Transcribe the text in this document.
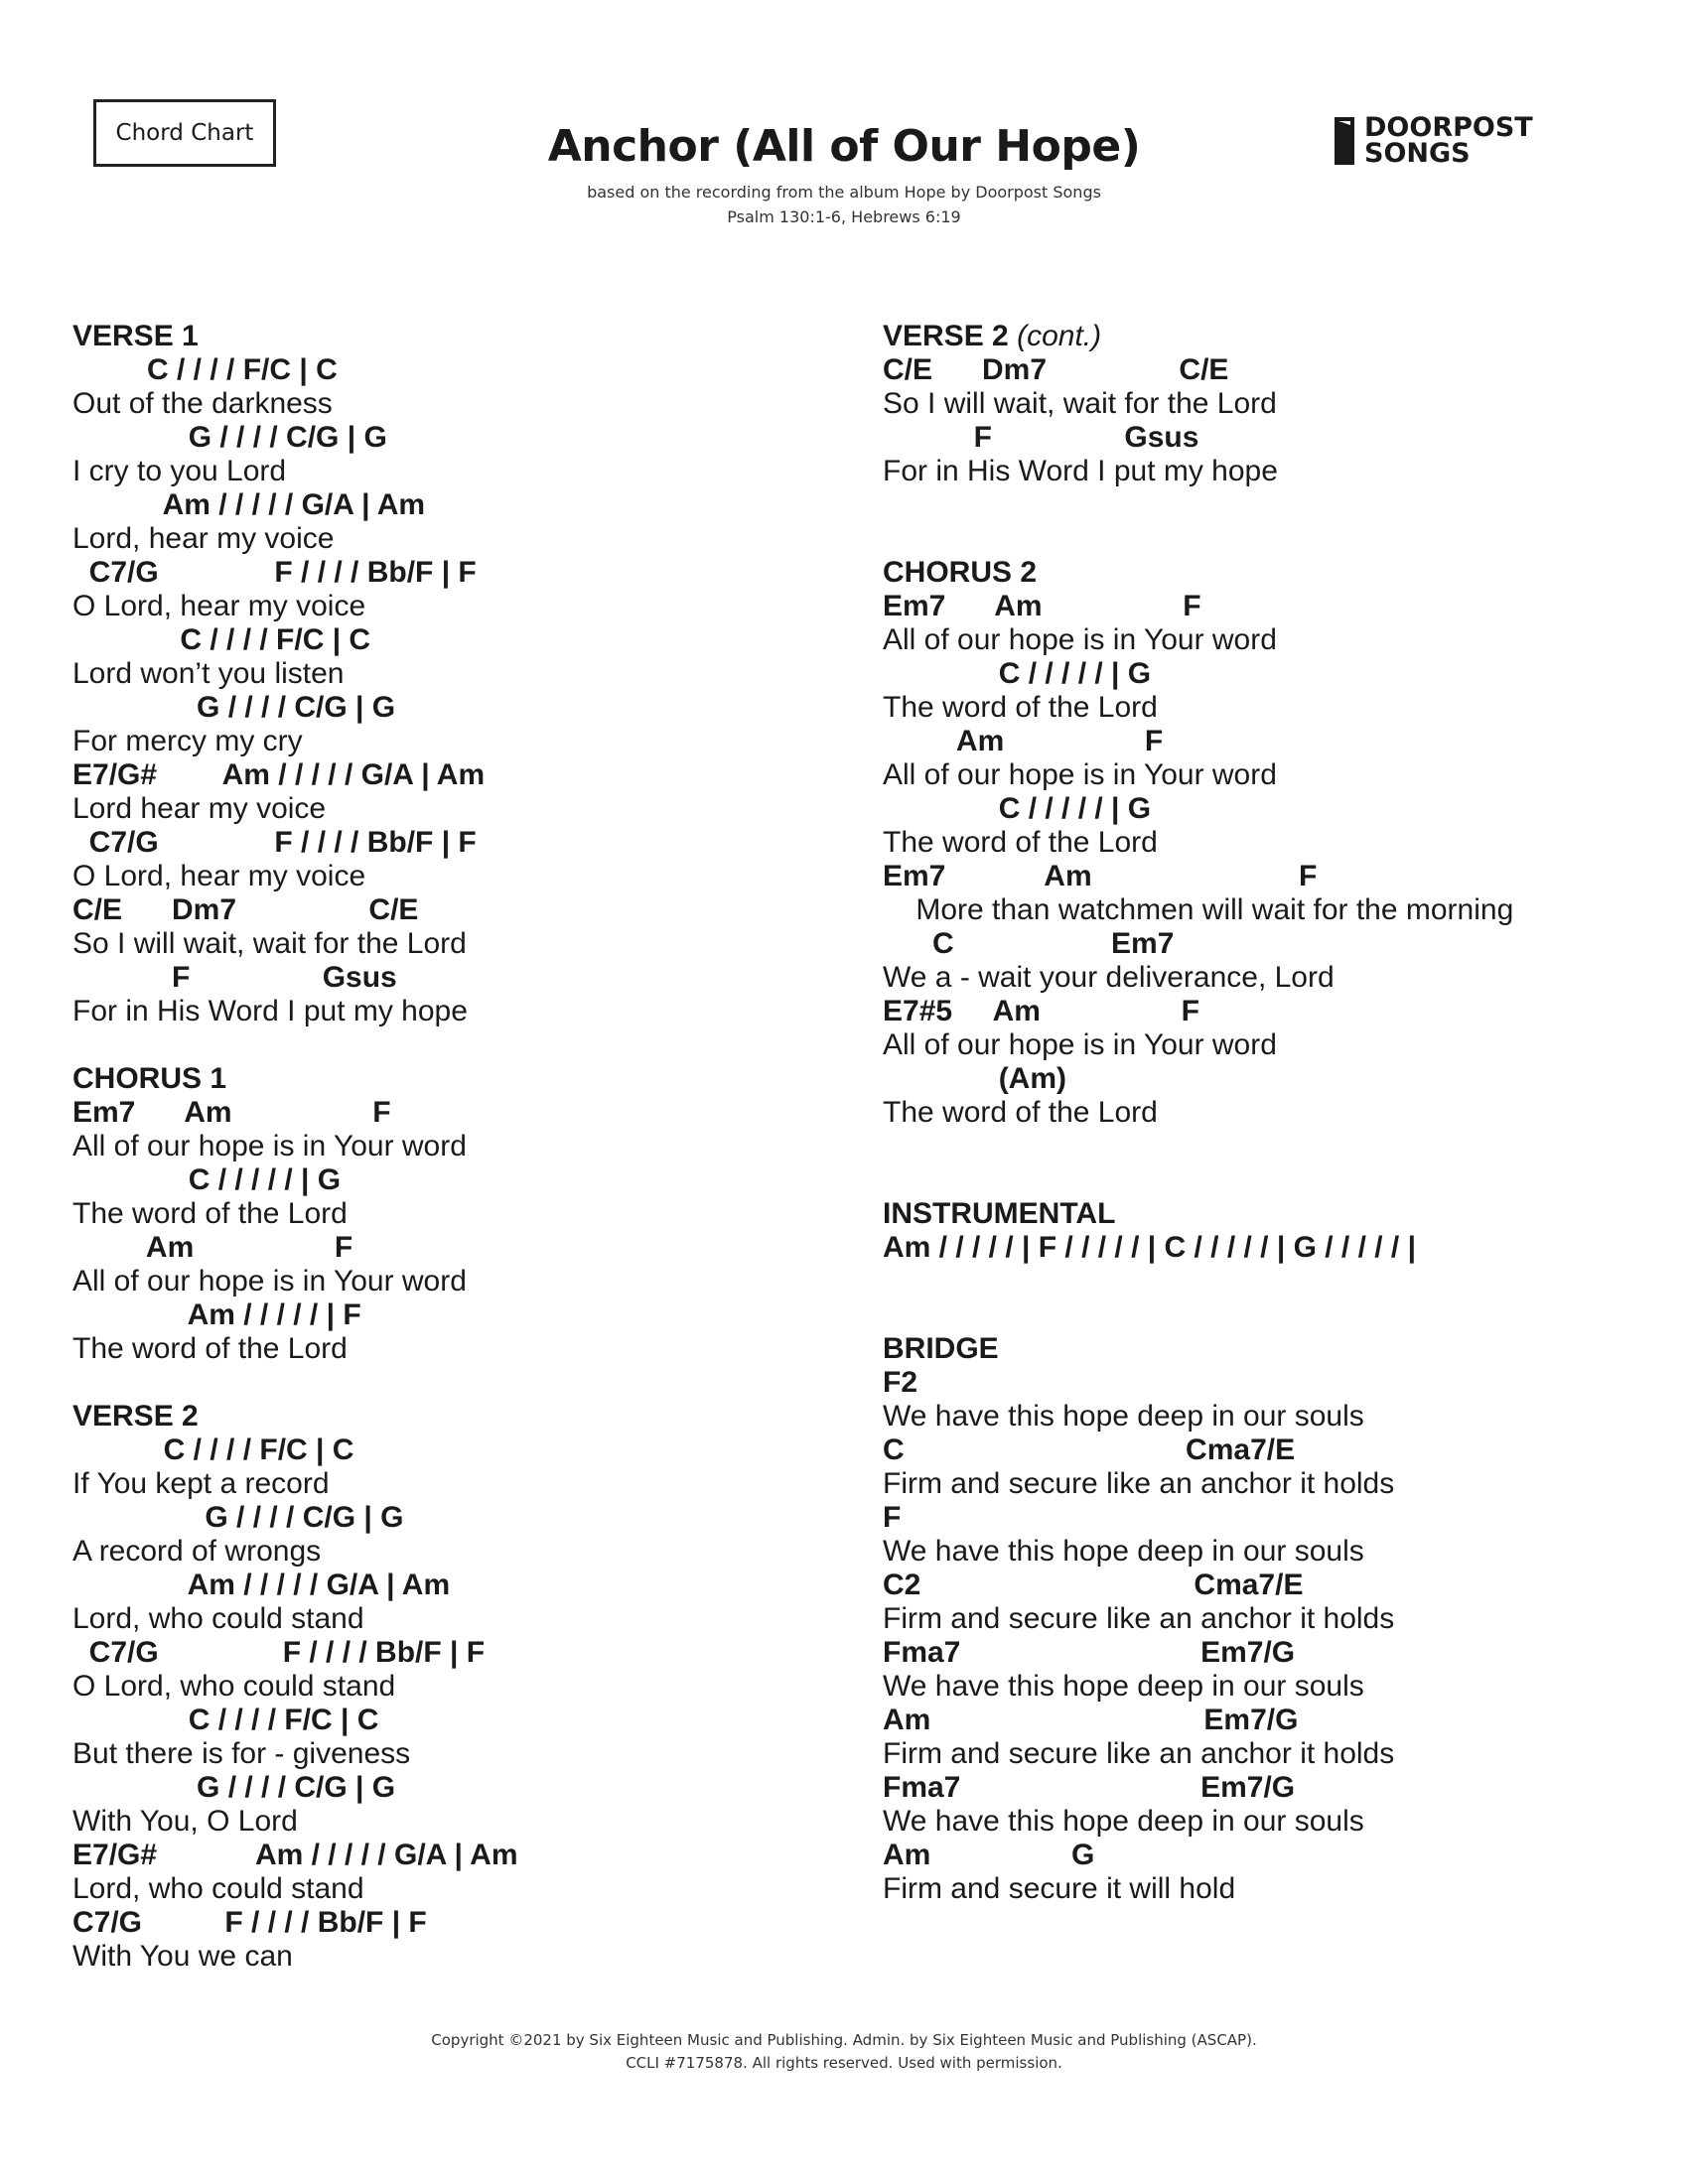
Chord Chart	Anchor (All of Our Hope)
based on the recording from the album Hope by Doorpost Songs
Psalm 130:1-6, Hebrews 6:19
DOORPOST
SONGS
VERSE 1
C / / / / F/C | C
Out of the darkness
G / / / / C/G | G
I cry to you Lord
Am / / / / / G/A | Am
Lord, hear my voice
C7/G              F / / / / Bb/F | F
O Lord, hear my voice
C / / / / F/C | C
Lord won’t you listen
G / / / / C/G | G
For mercy my cry
E7/G#        Am / / / / / G/A | Am
Lord hear my voice
C7/G              F / / / / Bb/F | F
O Lord, hear my voice
C/E      Dm7                C/E
So I will wait, wait for the Lord
F                Gsus
For in His Word I put my hope
CHORUS 1
Em7      Am                 F
All of our hope is in Your word
C / / / / / | G
The word of the Lord
Am                 F
All of our hope is in Your word
Am / / / / / | F
The word of the Lord
VERSE 2
C / / / / F/C | C
If You kept a record
G / / / / C/G | G
A record of wrongs
Am / / / / / G/A | Am
Lord, who could stand
C7/G               F / / / / Bb/F | F
O Lord, who could stand
C / / / / F/C | C
But there is for - giveness
G / / / / C/G | G
With You, O Lord
E7/G#            Am / / / / / G/A | Am
Lord, who could stand
C7/G          F / / / / Bb/F | F
With You we can
VERSE 2 (cont.)
C/E      Dm7                C/E
So I will wait, wait for the Lord
F                Gsus
For in His Word I put my hope
CHORUS 2
Em7      Am                 F
All of our hope is in Your word
C / / / / / | G
The word of the Lord
Am                 F
All of our hope is in Your word
C / / / / / | G
The word of the Lord
Em7            Am                         F
More than watchmen will wait for the morning
C                   Em7
We a - wait your deliverance, Lord
E7#5     Am                 F
All of our hope is in Your word
(Am)
The word of the Lord
INSTRUMENTAL
Am / / / / / | F / / / / / | C / / / / / | G / / / / / |
BRIDGE
F2
We have this hope deep in our souls
C                                  Cma7/E
Firm and secure like an anchor it holds
F
We have this hope deep in our souls
C2                                 Cma7/E
Firm and secure like an anchor it holds
Fma7                             Em7/G
We have this hope deep in our souls
Am                                 Em7/G
Firm and secure like an anchor it holds
Fma7                             Em7/G
We have this hope deep in our souls
Am                 G
Firm and secure it will hold
Copyright ©2021 by Six Eighteen Music and Publishing. Admin. by Six Eighteen Music and Publishing (ASCAP).
CCLI #7175878. All rights reserved. Used with permission.
